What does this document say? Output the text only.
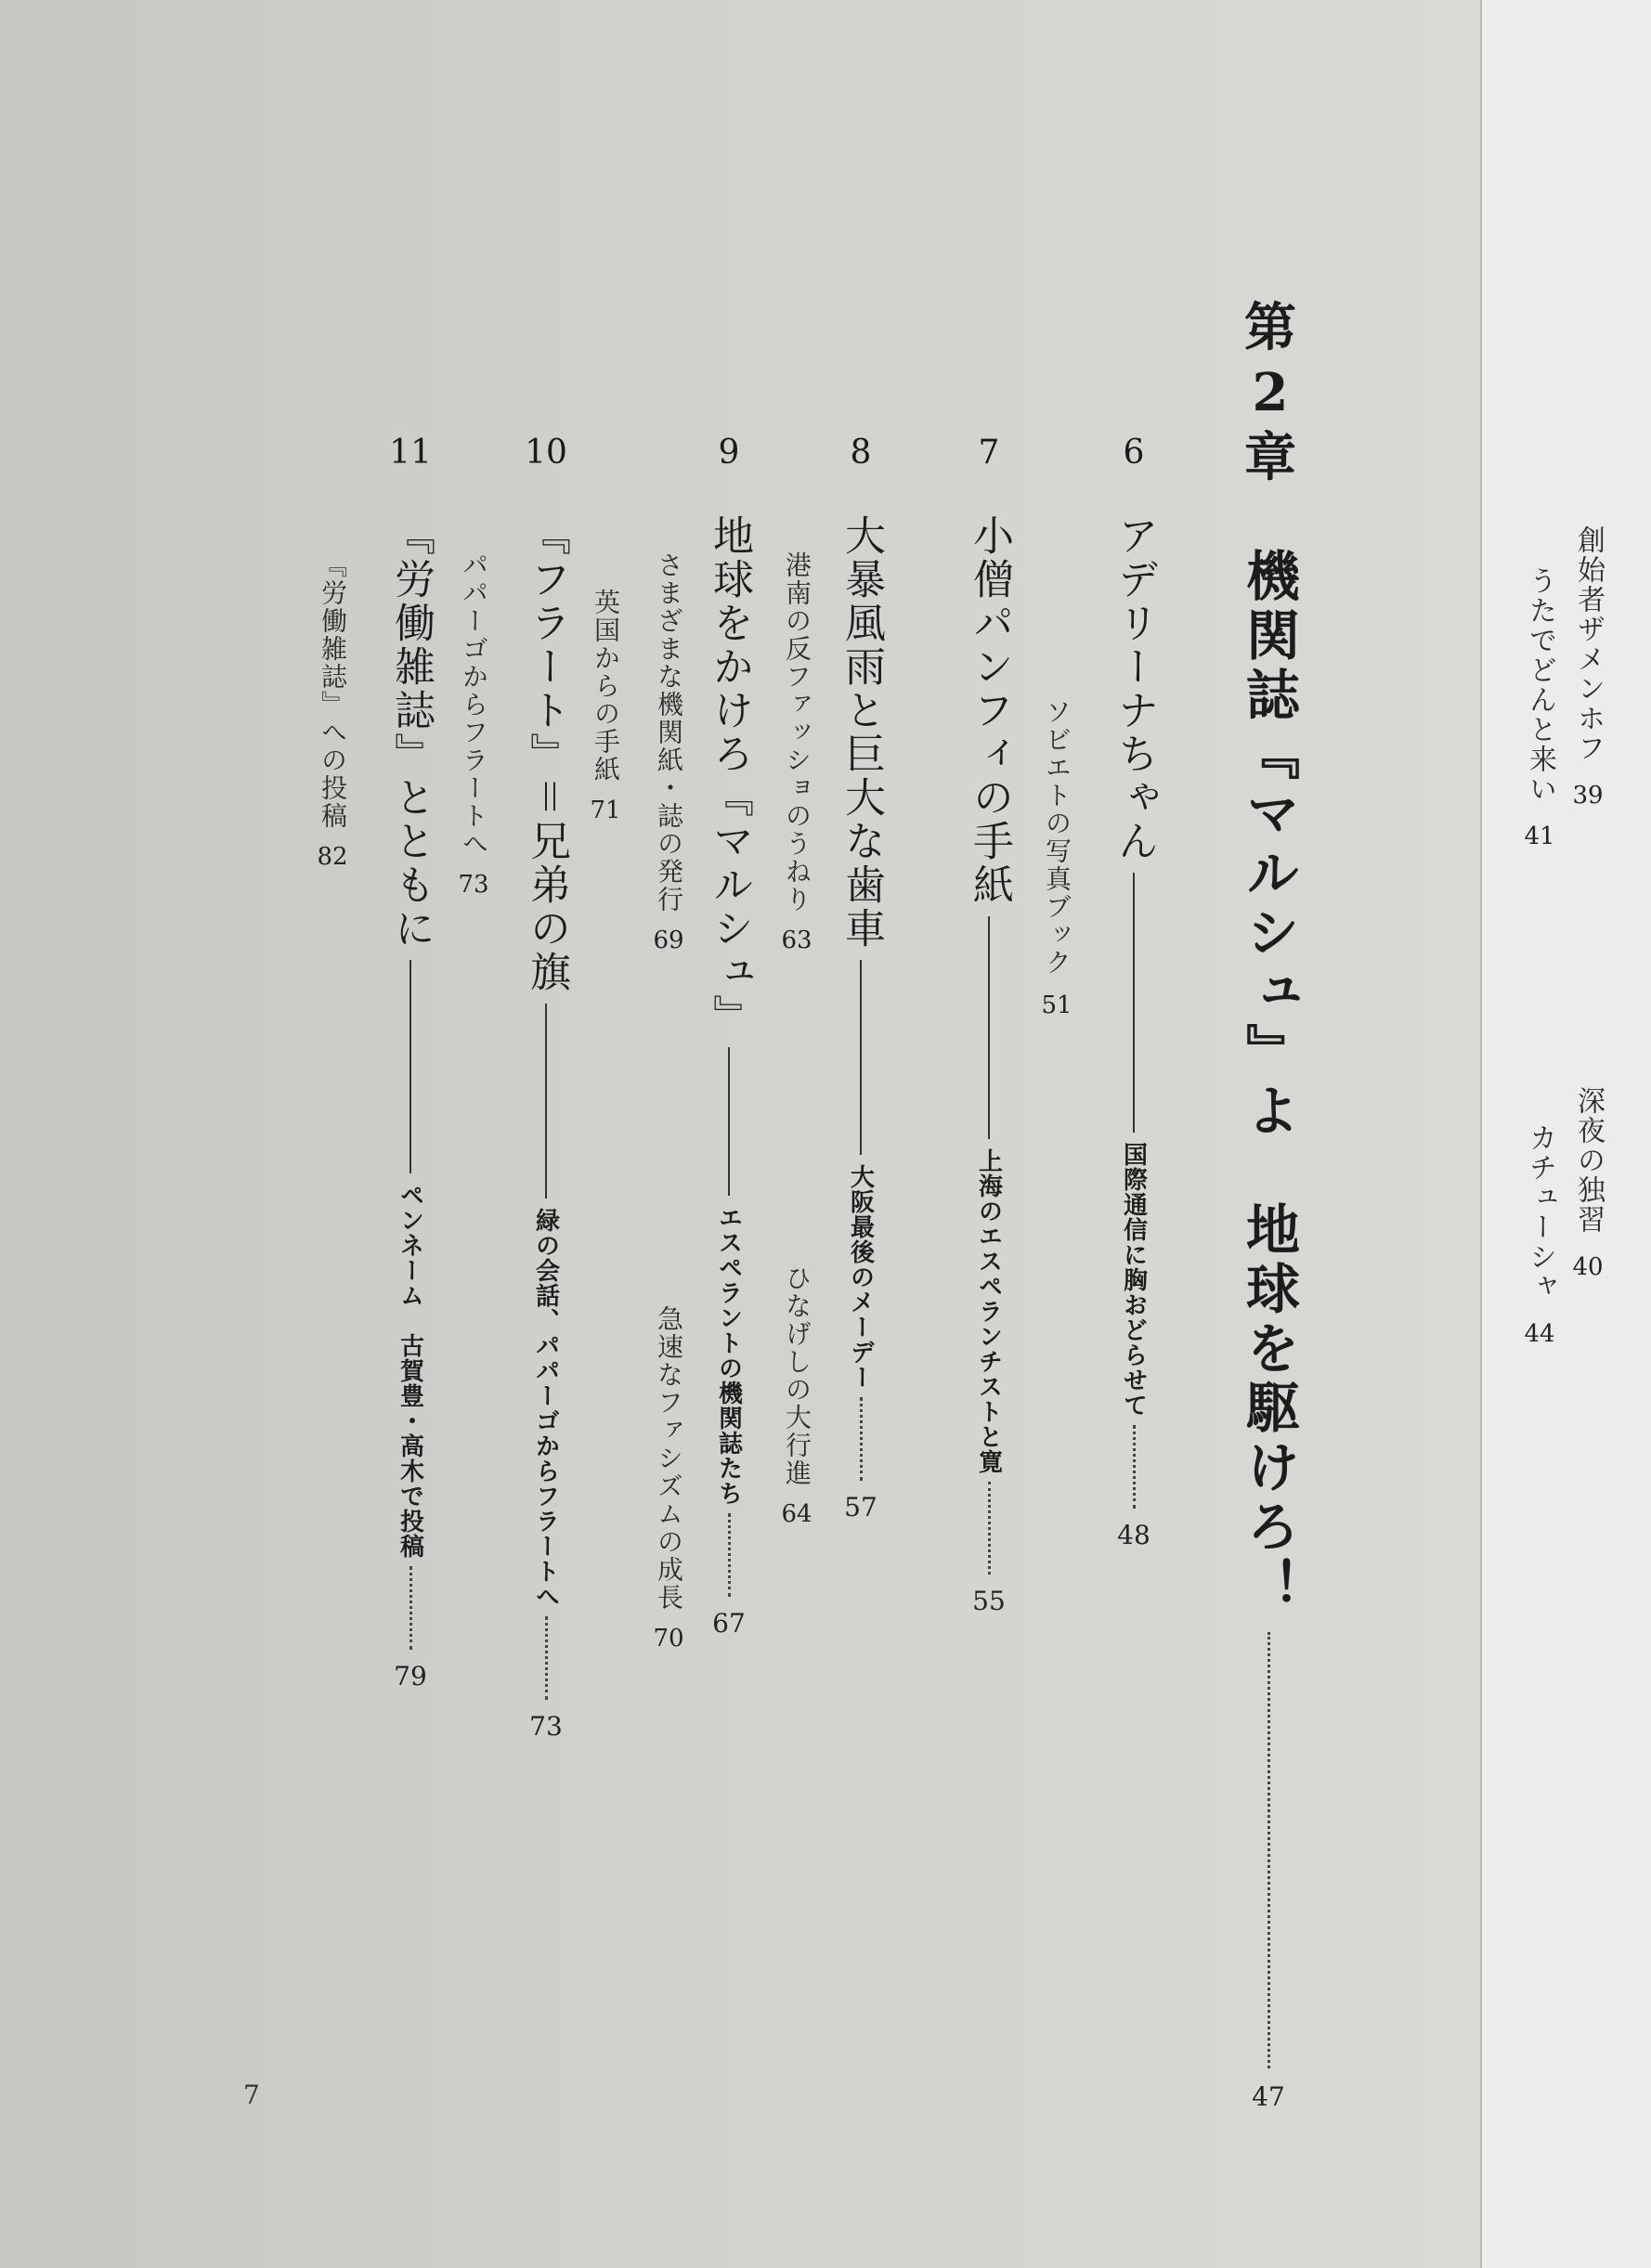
第
2
章
機関誌『マルシュ』よ　地球を駆けろ！
47
6
アデリーナちゃん
国際通信に胸おどらせて
48
ソビエトの写真ブック
51
7
小僧パンフィの手紙
上海のエスペランチストと寛
55
8
大暴風雨と巨大な歯車
大阪最後のメーデー
57
港南の反ファッショのうねり
63
ひなげしの大行進
64
9
地球をかけろ『マルシュ』
エスペラントの機関誌たち
67
さまざまな機関紙・誌の発行
69
急速なファシズムの成長
70
英国からの手紙
71
10
『フラート』＝兄弟の旗
緑の会話、パパーゴからフラートへ
73
パパーゴからフラートへ
73
11
『労働雑誌』とともに
ペンネーム　古賀豊・高木で投稿
79
『労働雑誌』への投稿
82
7
創始者ザメンホフ
39
うたでどんと来い
41
深夜の独習
40
カチューシャ
44
